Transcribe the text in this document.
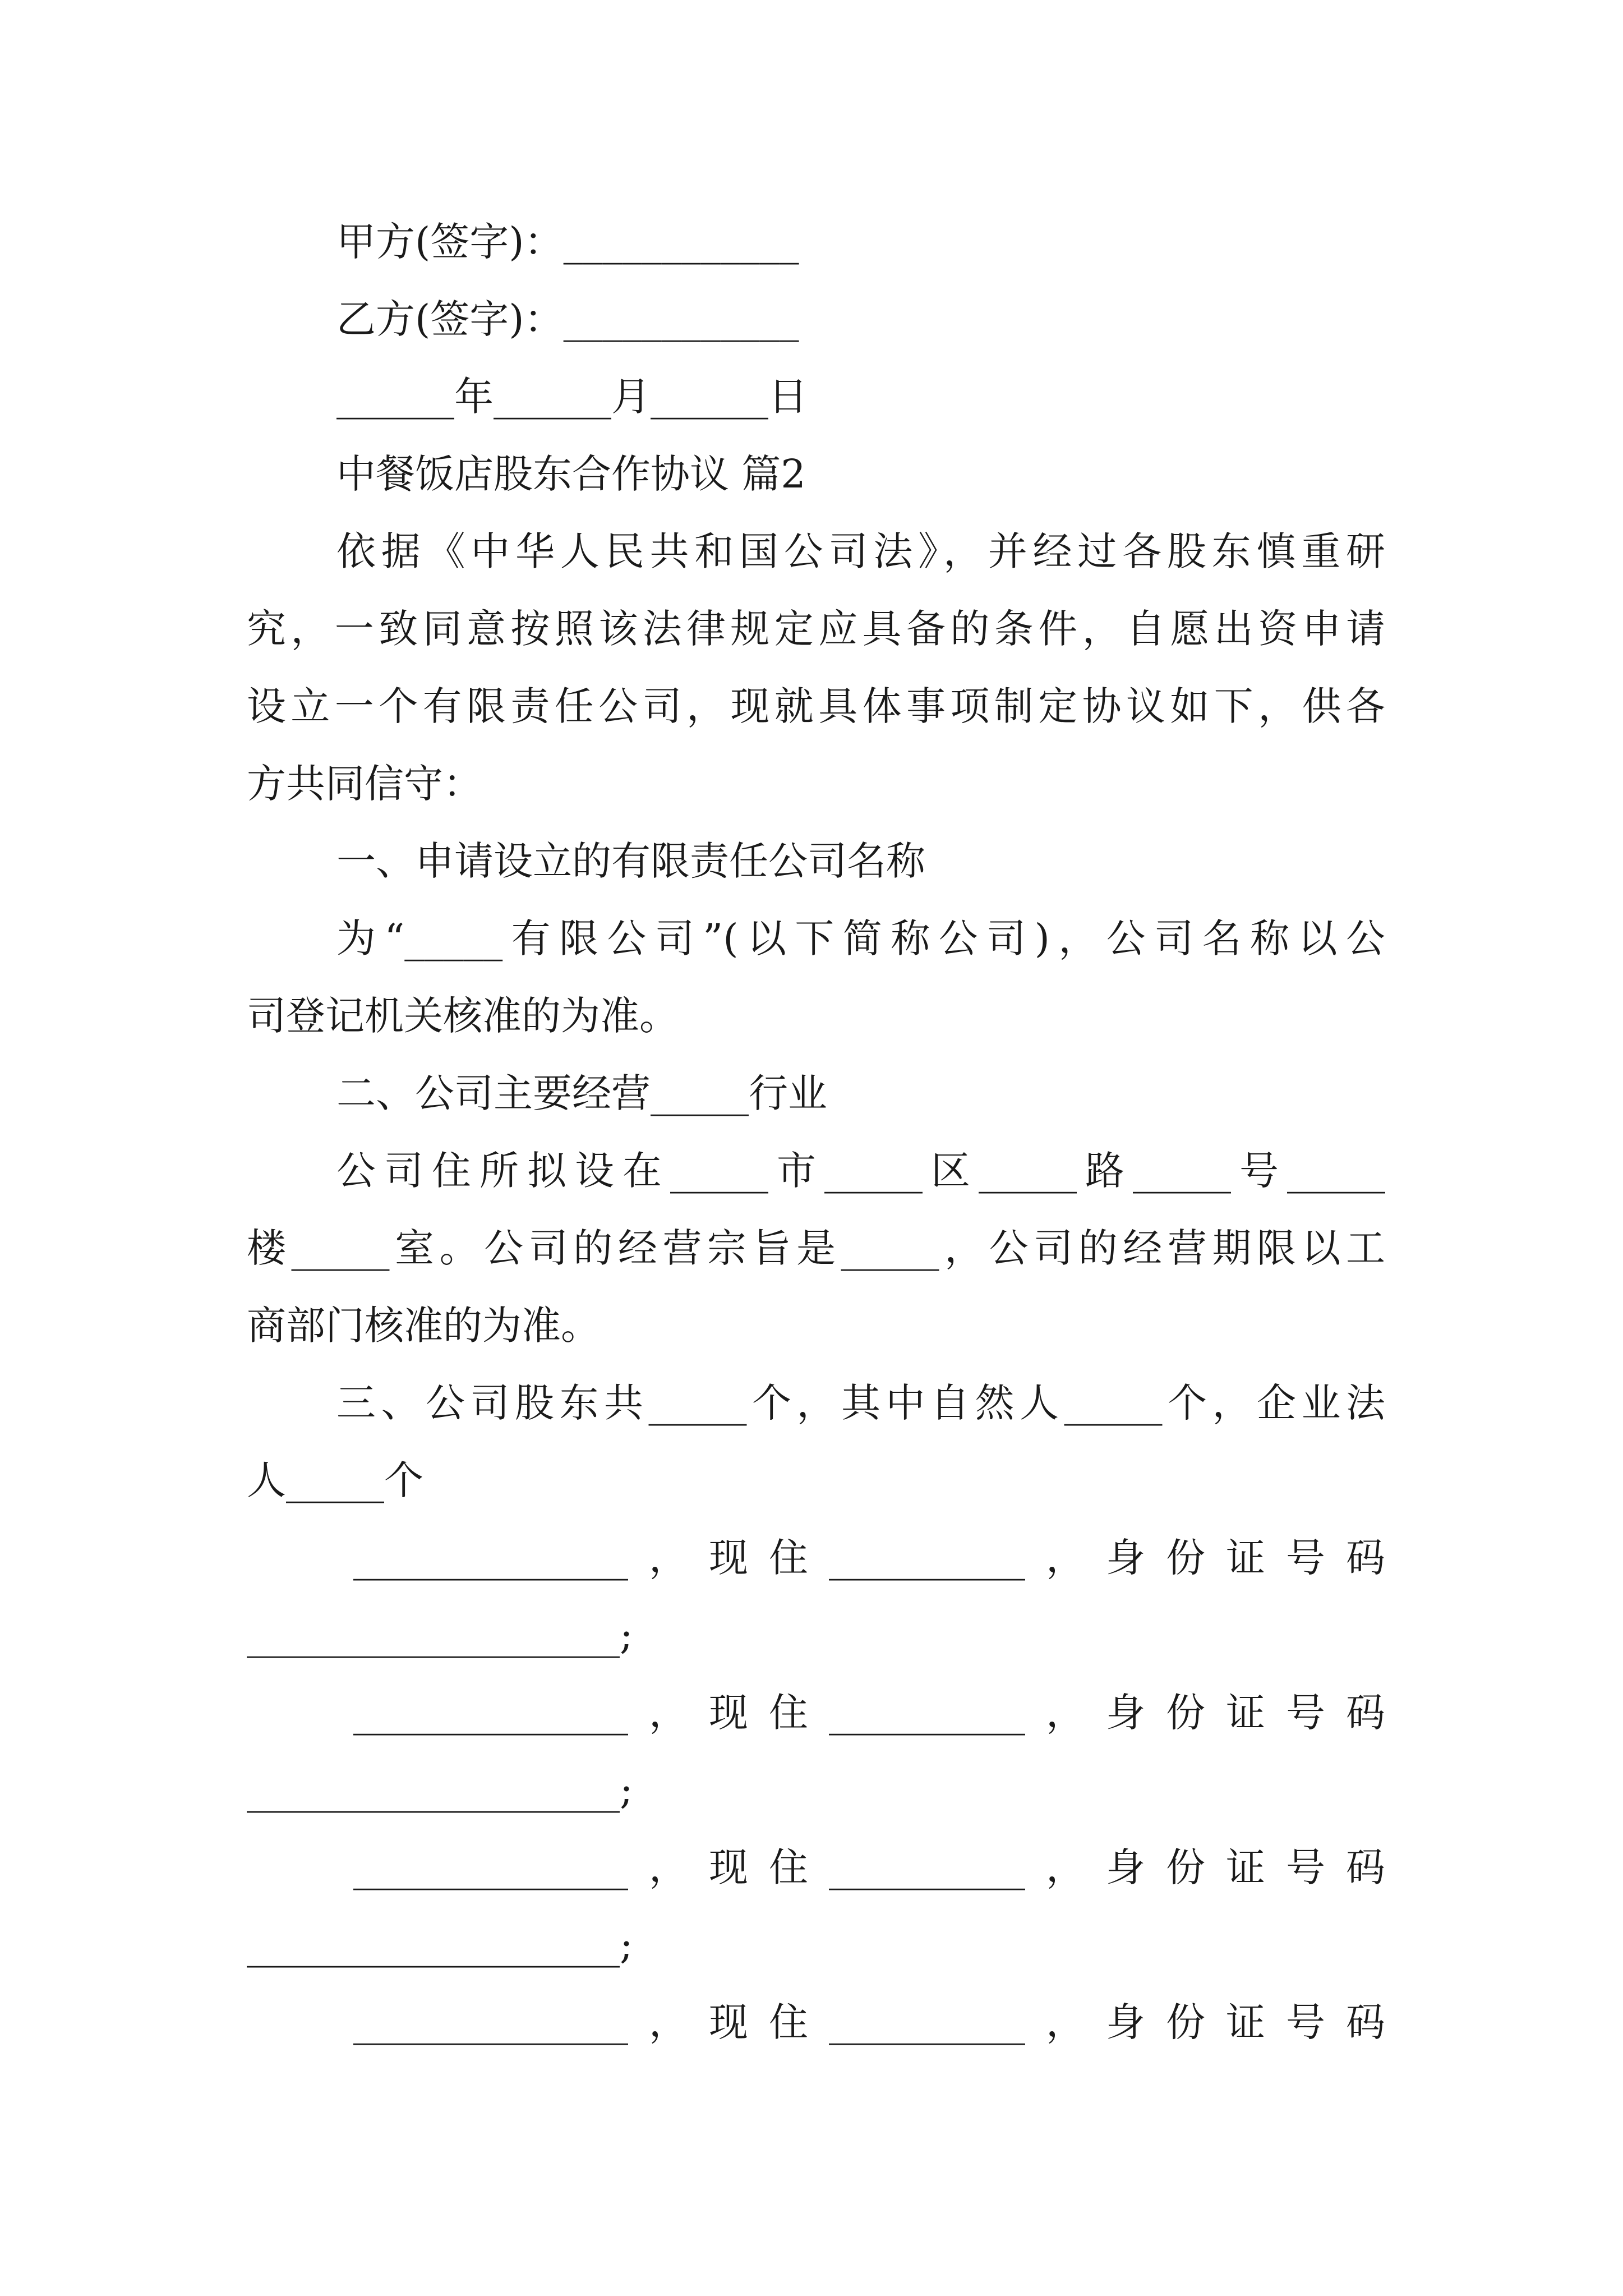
甲方(签字)：____________

乙方(签字)：____________

______年______月______日

中餐饭店股东合作协议 篇2

依据《中华人民共和国公司法》，并经过各股东慎重研

究，一致同意按照该法律规定应具备的条件，自愿出资申请

设立一个有限责任公司，现就具体事项制定协议如下，供各

方共同信守：

一、申请设立的有限责任公司名称

为“_____有限公司”(以下简称公司)，公司名称以公

司登记机关核准的为准。

二、公司主要经营_____行业

公司住所拟设在_____市_____区_____路_____号_____

楼_____室。公司的经营宗旨是_____，公司的经营期限以工

商部门核准的为准。

三、公司股东共_____个，其中自然人_____个，企业法

人_____个

______________，现住__________，身份证号码

___________________;

______________，现住__________，身份证号码

___________________;

______________，现住__________，身份证号码

___________________;

______________，现住__________，身份证号码
